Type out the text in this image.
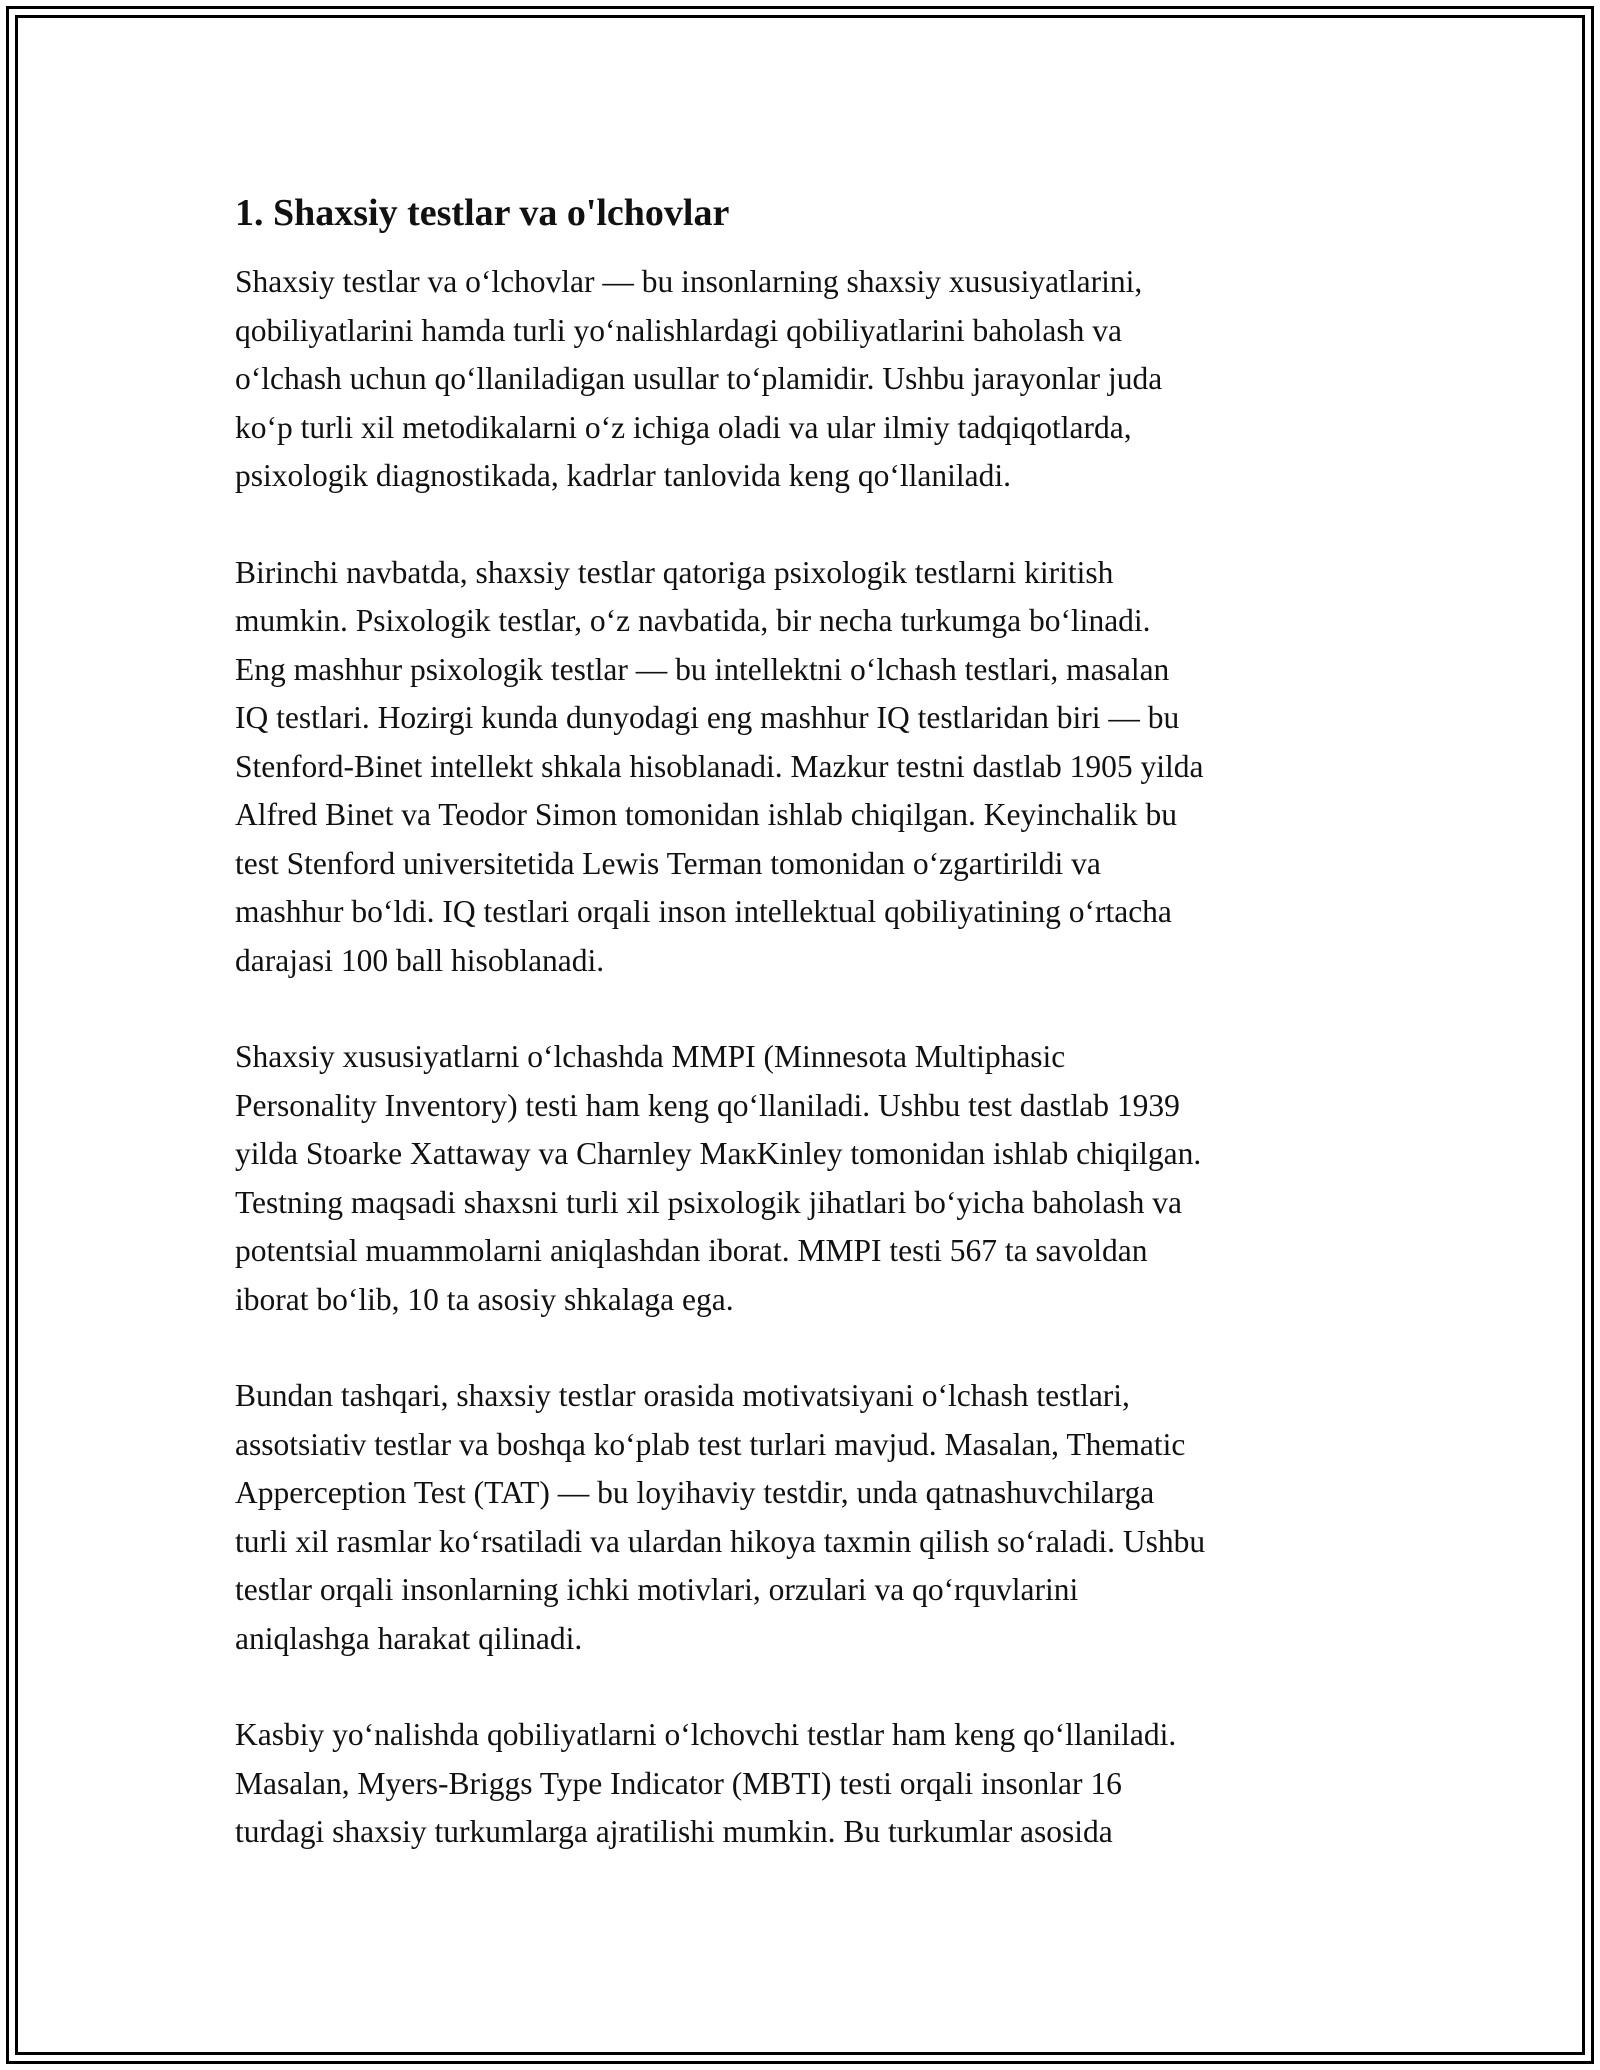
1. Shaxsiy testlar va o'lchovlar

Shaxsiy testlar va o‘lchovlar — bu insonlarning shaxsiy xususiyatlarini,
qobiliyatlarini hamda turli yo‘nalishlardagi qobiliyatlarini baholash va
o‘lchash uchun qo‘llaniladigan usullar to‘plamidir. Ushbu jarayonlar juda
ko‘p turli xil metodikalarni o‘z ichiga oladi va ular ilmiy tadqiqotlarda,
psixologik diagnostikada, kadrlar tanlovida keng qo‘llaniladi.

Birinchi navbatda, shaxsiy testlar qatoriga psixologik testlarni kiritish
mumkin. Psixologik testlar, o‘z navbatida, bir necha turkumga bo‘linadi.
Eng mashhur psixologik testlar — bu intellektni o‘lchash testlari, masalan
IQ testlari. Hozirgi kunda dunyodagi eng mashhur IQ testlaridan biri — bu
Stenford-Binet intellekt shkala hisoblanadi. Mazkur testni dastlab 1905 yilda
Alfred Binet va Teodor Simon tomonidan ishlab chiqilgan. Keyinchalik bu
test Stenford universitetida Lewis Terman tomonidan o‘zgartirildi va
mashhur bo‘ldi. IQ testlari orqali inson intellektual qobiliyatining o‘rtacha
darajasi 100 ball hisoblanadi.

Shaxsiy xususiyatlarni o‘lchashda MMPI (Minnesota Multiphasic
Personality Inventory) testi ham keng qo‘llaniladi. Ushbu test dastlab 1939
yilda Stoarke Xattaway va Charnley MaкKinley tomonidan ishlab chiqilgan.
Testning maqsadi shaxsni turli xil psixologik jihatlari bo‘yicha baholash va
potentsial muammolarni aniqlashdan iborat. MMPI testi 567 ta savoldan
iborat bo‘lib, 10 ta asosiy shkalaga ega.

Bundan tashqari, shaxsiy testlar orasida motivatsiyani o‘lchash testlari,
assotsiativ testlar va boshqa ko‘plab test turlari mavjud. Masalan, Thematic
Apperception Test (TAT) — bu loyihaviy testdir, unda qatnashuvchilarga
turli xil rasmlar ko‘rsatiladi va ulardan hikoya taxmin qilish so‘raladi. Ushbu
testlar orqali insonlarning ichki motivlari, orzulari va qo‘rquvlarini
aniqlashga harakat qilinadi.

Kasbiy yo‘nalishda qobiliyatlarni o‘lchovchi testlar ham keng qo‘llaniladi.
Masalan, Myers-Briggs Type Indicator (MBTI) testi orqali insonlar 16
turdagi shaxsiy turkumlarga ajratilishi mumkin. Bu turkumlar asosida
